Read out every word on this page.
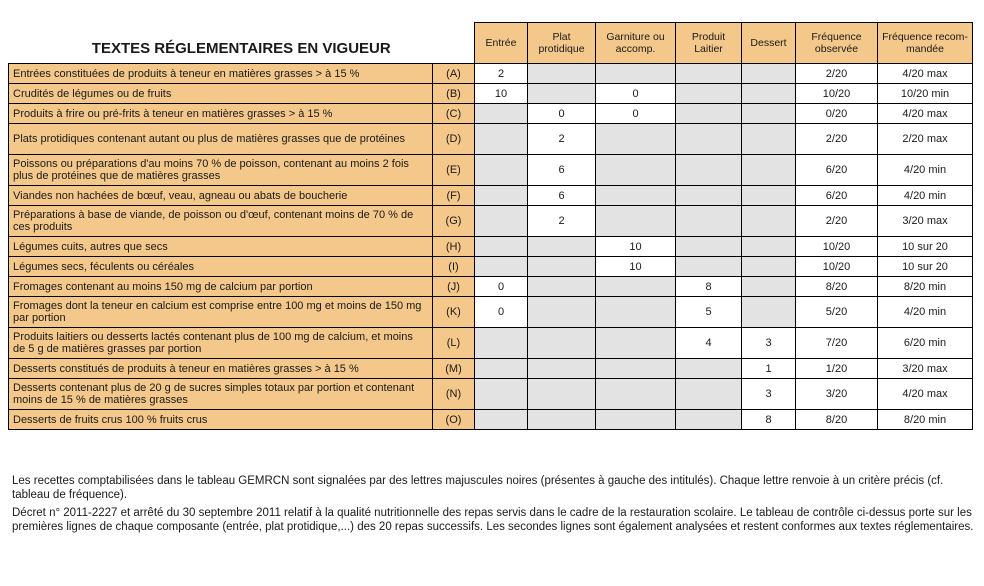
TEXTES RÉGLEMENTAIRES EN VIGUEUR		Entrée	Plat protidique	Garniture ou accomp.	Produit Laitier	Dessert	Fréquence observée	Fréquence recom-mandée
Entrées constituées de produits à teneur en matières grasses > à 15 %	(A)	2					2/20	4/20 max
Crudités de légumes ou de fruits	(B)	10		0			10/20	10/20 min
Produits à frire ou pré-frits à teneur en matières grasses > à 15 %	(C)		0	0			0/20	4/20 max
Plats protidiques contenant autant ou plus de matières grasses que de protéines	(D)		2				2/20	2/20 max
Poissons ou préparations d'au moins 70 % de poisson, contenant au moins 2 fois plus de protéines que de matières grasses	(E)		6				6/20	4/20 min
Viandes non hachées de bœuf, veau, agneau ou abats de boucherie	(F)		6				6/20	4/20 min
Préparations à base de viande, de poisson ou d'œuf, contenant moins de 70 % de ces produits	(G)		2				2/20	3/20 max
Légumes cuits, autres que secs	(H)			10			10/20	10 sur 20
Légumes secs, féculents ou céréales	(I)			10			10/20	10 sur 20
Fromages contenant au moins 150 mg de calcium par portion	(J)	0			8		8/20	8/20 min
Fromages dont la teneur en calcium est comprise entre 100 mg et moins de 150 mg par portion	(K)	0			5		5/20	4/20 min
Produits laitiers ou desserts lactés contenant plus de 100 mg de calcium, et moins de 5 g de matières grasses par portion	(L)				4	3	7/20	6/20 min
Desserts constitués de produits à teneur en matières grasses > à 15 %	(M)					1	1/20	3/20 max
Desserts contenant plus de 20 g de sucres simples totaux par portion et contenant moins de 15 % de matières grasses	(N)					3	3/20	4/20 max
Desserts de fruits crus 100 % fruits crus	(O)					8	8/20	8/20 min

Les recettes comptabilisées dans le tableau GEMRCN sont signalées par des lettres majuscules noires (présentes à gauche des intitulés). Chaque lettre renvoie à un critère précis (cf. tableau de fréquence).

Décret n° 2011-2227 et arrêté du 30 septembre 2011 relatif à la qualité nutritionnelle des repas servis dans le cadre de la restauration scolaire. Le tableau de contrôle ci-dessus porte sur les premières lignes de chaque composante (entrée, plat protidique,...) des 20 repas successifs. Les secondes lignes sont également analysées et restent conformes aux textes réglementaires.
